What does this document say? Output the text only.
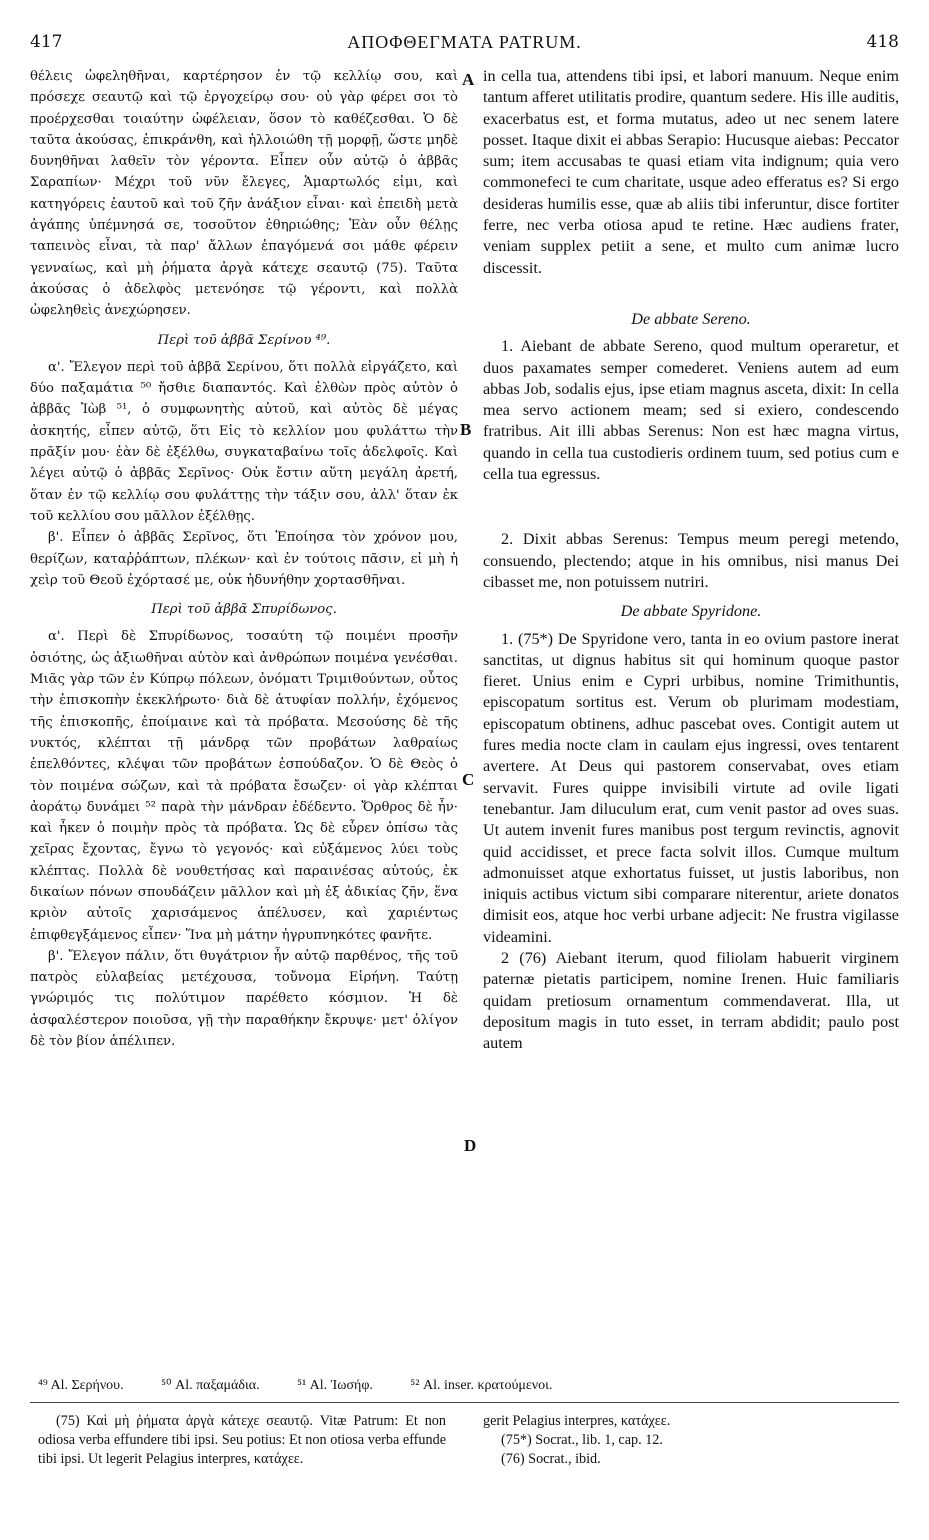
417	ΑΠΟΦΘΕΓΜΑΤΑ PATRUM.	418
A
B
C
D

θέλεις ὠφεληθῆναι, καρτέρησον ἐν τῷ κελλίῳ σου, καὶ πρόσεχε σεαυτῷ καὶ τῷ ἐργοχείρῳ σου· οὐ γὰρ φέρει σοι τὸ προέρχεσθαι τοιαύτην ὠφέλειαν, ὅσον τὸ καθέζεσθαι. Ὁ δὲ ταῦτα ἀκούσας, ἐπικράνθη, καὶ ἠλλοιώθη τῇ μορφῇ, ὥστε μηδὲ δυνηθῆναι λαθεῖν τὸν γέροντα. Εἶπεν οὖν αὐτῷ ὁ ἀββᾶς Σαραπίων· Μέχρι τοῦ νῦν ἔλεγες, Ἁμαρτωλός εἰμι, καὶ κατηγόρεις ἑαυτοῦ καὶ τοῦ ζῆν ἀνάξιον εἶναι· καὶ ἐπειδὴ μετὰ ἀγάπης ὑπέμνησά σε, τοσοῦτον ἐθηριώθης; Ἐὰν οὖν θέλῃς ταπεινὸς εἶναι, τὰ παρ' ἄλλων ἐπαγόμενά σοι μάθε φέρειν γενναίως, καὶ μὴ ῥήματα ἀργὰ κάτεχε σεαυτῷ (75). Ταῦτα ἀκούσας ὁ ἀδελφὸς μετενόησε τῷ γέροντι, καὶ πολλὰ ὠφεληθεὶς ἀνεχώρησεν.

Περὶ τοῦ ἀββᾶ Σερίνου ⁴⁹.

α'. Ἔλεγον περὶ τοῦ ἀββᾶ Σερίνου, ὅτι πολλὰ εἰργάζετο, καὶ δύο παξαμάτια ⁵⁰ ἤσθιε διαπαντός. Καὶ ἐλθὼν πρὸς αὐτὸν ὁ ἀββᾶς Ἰὼβ ⁵¹, ὁ συμφωνητὴς αὐτοῦ, καὶ αὐτὸς δὲ μέγας ἀσκητής, εἶπεν αὐτῷ, ὅτι Εἰς τὸ κελλίον μου φυλάττω τὴν πρᾶξίν μου· ἐὰν δὲ ἐξέλθω, συγκαταβαίνω τοῖς ἀδελφοῖς. Καὶ λέγει αὐτῷ ὁ ἀββᾶς Σερῖνος· Οὐκ ἔστιν αὕτη μεγάλη ἀρετή, ὅταν ἐν τῷ κελλίῳ σου φυλάττῃς τὴν τάξιν σου, ἀλλ' ὅταν ἐκ τοῦ κελλίου σου μᾶλλον ἐξέλθῃς.

β'. Εἶπεν ὁ ἀββᾶς Σερῖνος, ὅτι Ἐποίησα τὸν χρόνον μου, θερίζων, καταῤῥάπτων, πλέκων· καὶ ἐν τούτοις πᾶσιν, εἰ μὴ ἡ χεὶρ τοῦ Θεοῦ ἐχόρτασέ με, οὐκ ἠδυνήθην χορτασθῆναι.

Περὶ τοῦ ἀββᾶ Σπυρίδωνος.

α'. Περὶ δὲ Σπυρίδωνος, τοσαύτη τῷ ποιμένι προσῆν ὁσιότης, ὡς ἀξιωθῆναι αὐτὸν καὶ ἀνθρώπων ποιμένα γενέσθαι. Μιᾶς γὰρ τῶν ἐν Κύπρῳ πόλεων, ὀνόματι Τριμιθούντων, οὗτος τὴν ἐπισκοπὴν ἐκεκλήρωτο· διὰ δὲ ἀτυφίαν πολλήν, ἐχόμενος τῆς ἐπισκοπῆς, ἐποίμαινε καὶ τὰ πρόβατα. Μεσούσης δὲ τῆς νυκτός, κλέπται τῇ μάνδρᾳ τῶν προβάτων λαθραίως ἐπελθόντες, κλέψαι τῶν προβάτων ἐσπούδαζον. Ὁ δὲ Θεὸς ὁ τὸν ποιμένα σώζων, καὶ τὰ πρόβατα ἔσωζεν· οἱ γὰρ κλέπται ἀοράτῳ δυνάμει ⁵² παρὰ τὴν μάνδραν ἐδέδεντο. Ὄρθρος δὲ ἦν· καὶ ἧκεν ὁ ποιμὴν πρὸς τὰ πρόβατα. Ὡς δὲ εὗρεν ὀπίσω τὰς χεῖρας ἔχοντας, ἔγνω τὸ γεγονός· καὶ εὐξάμενος λύει τοὺς κλέπτας. Πολλὰ δὲ νουθετήσας καὶ παραινέσας αὐτούς, ἐκ δικαίων πόνων σπουδάζειν μᾶλλον καὶ μὴ ἐξ ἀδικίας ζῆν, ἕνα κριὸν αὐτοῖς χαρισάμενος ἀπέλυσεν, καὶ χαριέντως ἐπιφθεγξάμενος εἶπεν· Ἵνα μὴ μάτην ἠγρυπνηκότες φανῆτε.

β'. Ἔλεγον πάλιν, ὅτι θυγάτριον ἦν αὐτῷ παρθένος, τῆς τοῦ πατρὸς εὐλαβείας μετέχουσα, τοὔνομα Εἰρήνη. Ταύτῃ γνώριμός τις πολύτιμον παρέθετο κόσμιον. Ἡ δὲ ἀσφαλέστερον ποιοῦσα, γῇ τὴν παραθήκην ἔκρυψε· μετ' ὀλίγον δὲ τὸν βίον ἀπέλιπεν.

in cella tua, attendens tibi ipsi, et labori manuum. Neque enim tantum afferet utilitatis prodire, quantum sedere. His ille auditis, exacerbatus est, et forma mutatus, adeo ut nec senem latere posset. Itaque dixit ei abbas Serapio: Hucusque aiebas: Peccator sum; item accusabas te quasi etiam vita indignum; quia vero commonefeci te cum charitate, usque adeo efferatus es? Si ergo desideras humilis esse, quæ ab aliis tibi inferuntur, disce fortiter ferre, nec verba otiosa apud te retine. Hæc audiens frater, veniam supplex petiit a sene, et multo cum animæ lucro discessit.

De abbate Sereno.

1. Aiebant de abbate Sereno, quod multum operaretur, et duos paxamates semper comederet. Veniens autem ad eum abbas Job, sodalis ejus, ipse etiam magnus asceta, dixit: In cella mea servo actionem meam; sed si exiero, condescendo fratribus. Ait illi abbas Serenus: Non est hæc magna virtus, quando in cella tua custodieris ordinem tuum, sed potius cum e cella tua egressus.

2. Dixit abbas Serenus: Tempus meum peregi metendo, consuendo, plectendo; atque in his omnibus, nisi manus Dei cibasset me, non potuissem nutriri.

De abbate Spyridone.

1. (75*) De Spyridone vero, tanta in eo ovium pastore inerat sanctitas, ut dignus habitus sit qui hominum quoque pastor fieret. Unius enim e Cypri urbibus, nomine Trimithuntis, episcopatum sortitus est. Verum ob plurimam modestiam, episcopatum obtinens, adhuc pascebat oves. Contigit autem ut fures media nocte clam in caulam ejus ingressi, oves tentarent avertere. At Deus qui pastorem conservabat, oves etiam servavit. Fures quippe invisibili virtute ad ovile ligati tenebantur. Jam diluculum erat, cum venit pastor ad oves suas. Ut autem invenit fures manibus post tergum revinctis, agnovit quid accidisset, et prece facta solvit illos. Cumque multum admonuisset atque exhortatus fuisset, ut justis laboribus, non iniquis actibus victum sibi comparare niterentur, ariete donatos dimisit eos, atque hoc verbi urbane adjecit: Ne frustra vigilasse videamini.

2 (76) Aiebant iterum, quod filiolam habuerit virginem paternæ pietatis participem, nomine Irenen. Huic familiaris quidam pretiosum ornamentum commendaverat. Illa, ut depositum magis in tuto esset, in terram abdidit; paulo post autem

⁴⁹ Al. Σερήνου.	⁵⁰ Al. παξαμάδια.	⁵¹ Al. Ἰωσήφ.	⁵² Al. inser. κρατούμενοι.

(75) Καὶ μὴ ῥήματα ἀργὰ κάτεχε σεαυτῷ. Vitæ Patrum: Et non odiosa verba effundere tibi ipsi. Seu potius: Et non otiosa verba effunde tibi ipsi. Ut legerit Pelagius interpres, κατάχεε.

gerit Pelagius interpres, κατάχεε.
(75*) Socrat., lib. 1, cap. 12.
(76) Socrat., ibid.
